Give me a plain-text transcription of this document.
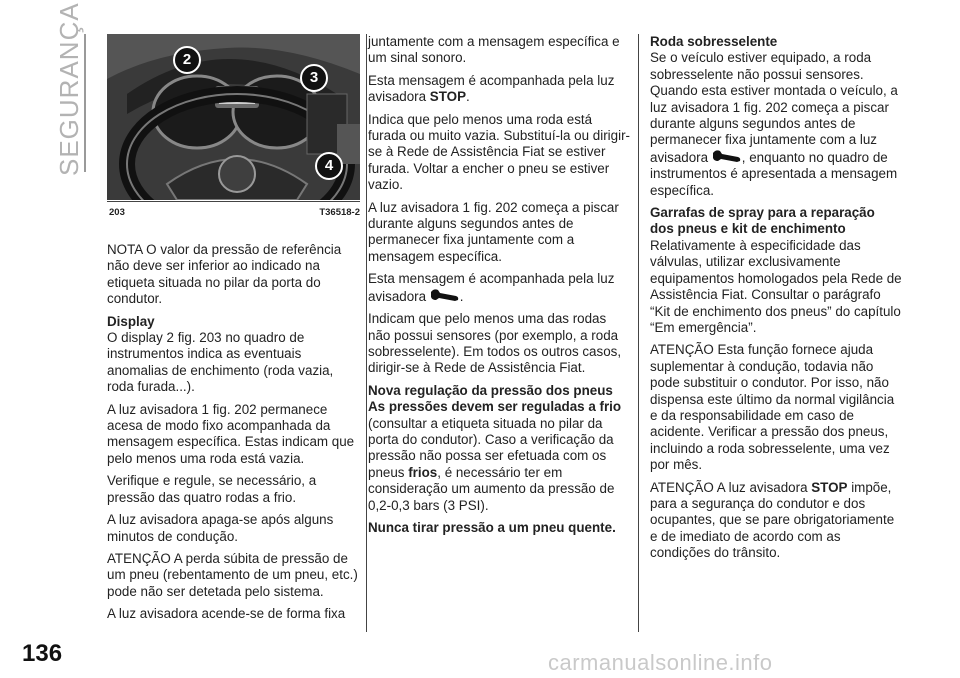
SEGURANÇA
136	carmanualsonline.info
2
3
4
203	T36518-2

NOTA O valor da pressão de referência não deve ser inferior ao indicado na etiqueta situada no pilar da porta do condutor.

Display

O display 2 fig. 203 no quadro de instrumentos indica as eventuais anomalias de enchimento (roda vazia, roda furada...).

A luz avisadora 1 fig. 202 permanece acesa de modo fixo acompanhada da mensagem específica. Estas indicam que pelo menos uma roda está vazia.

Verifique e regule, se necessário, a pressão das quatro rodas a frio.

A luz avisadora apaga-se após alguns minutos de condução.

ATENÇÃO A perda súbita de pressão de um pneu (rebentamento de um pneu, etc.) pode não ser detetada pelo sistema.

A luz avisadora acende-se de forma fixa

juntamente com a mensagem específica e um sinal sonoro.

Esta mensagem é acompanhada pela luz avisadora STOP.

Indica que pelo menos uma roda está furada ou muito vazia. Substituí-la ou dirigir-se à Rede de Assistência Fiat se estiver furada. Voltar a encher o pneu se estiver vazio.

A luz avisadora 1 fig. 202 começa a piscar durante alguns segundos antes de permanecer fixa juntamente com a mensagem específica.

Esta mensagem é acompanhada pela luz avisadora .

Indicam que pelo menos uma das rodas não possui sensores (por exemplo, a roda sobresselente). Em todos os outros casos, dirigir-se à Rede de Assistência Fiat.

Nova regulação da pressão dos pneus

As pressões devem ser reguladas a frio (consultar a etiqueta situada no pilar da porta do condutor). Caso a verificação da pressão não possa ser efetuada com os pneus frios, é necessário ter em consideração um aumento da pressão de 0,2-0,3 bars (3 PSI).

Nunca tirar pressão a um pneu quente.
Roda sobresselente

Se o veículo estiver equipado, a roda sobresselente não possui sensores. Quando esta estiver montada o veículo, a luz avisadora 1 fig. 202 começa a piscar durante alguns segundos antes de permanecer fixa juntamente com a luz avisadora , enquanto no quadro de instrumentos é apresentada a mensagem específica.

Garrafas de spray para a reparação dos pneus e kit de enchimento

Relativamente à especificidade das válvulas, utilizar exclusivamente equipamentos homologados pela Rede de Assistência Fiat. Consultar o parágrafo “Kit de enchimento dos pneus” do capítulo “Em emergência”.

ATENÇÃO Esta função fornece ajuda suplementar à condução, todavia não pode substituir o condutor. Por isso, não dispensa este último da normal vigilância e da responsabilidade em caso de acidente. Verificar a pressão dos pneus, incluindo a roda sobresselente, uma vez por mês.

ATENÇÃO A luz avisadora STOP impõe, para a segurança do condutor e dos ocupantes, que se pare obrigatoriamente e de imediato de acordo com as condições do trânsito.
